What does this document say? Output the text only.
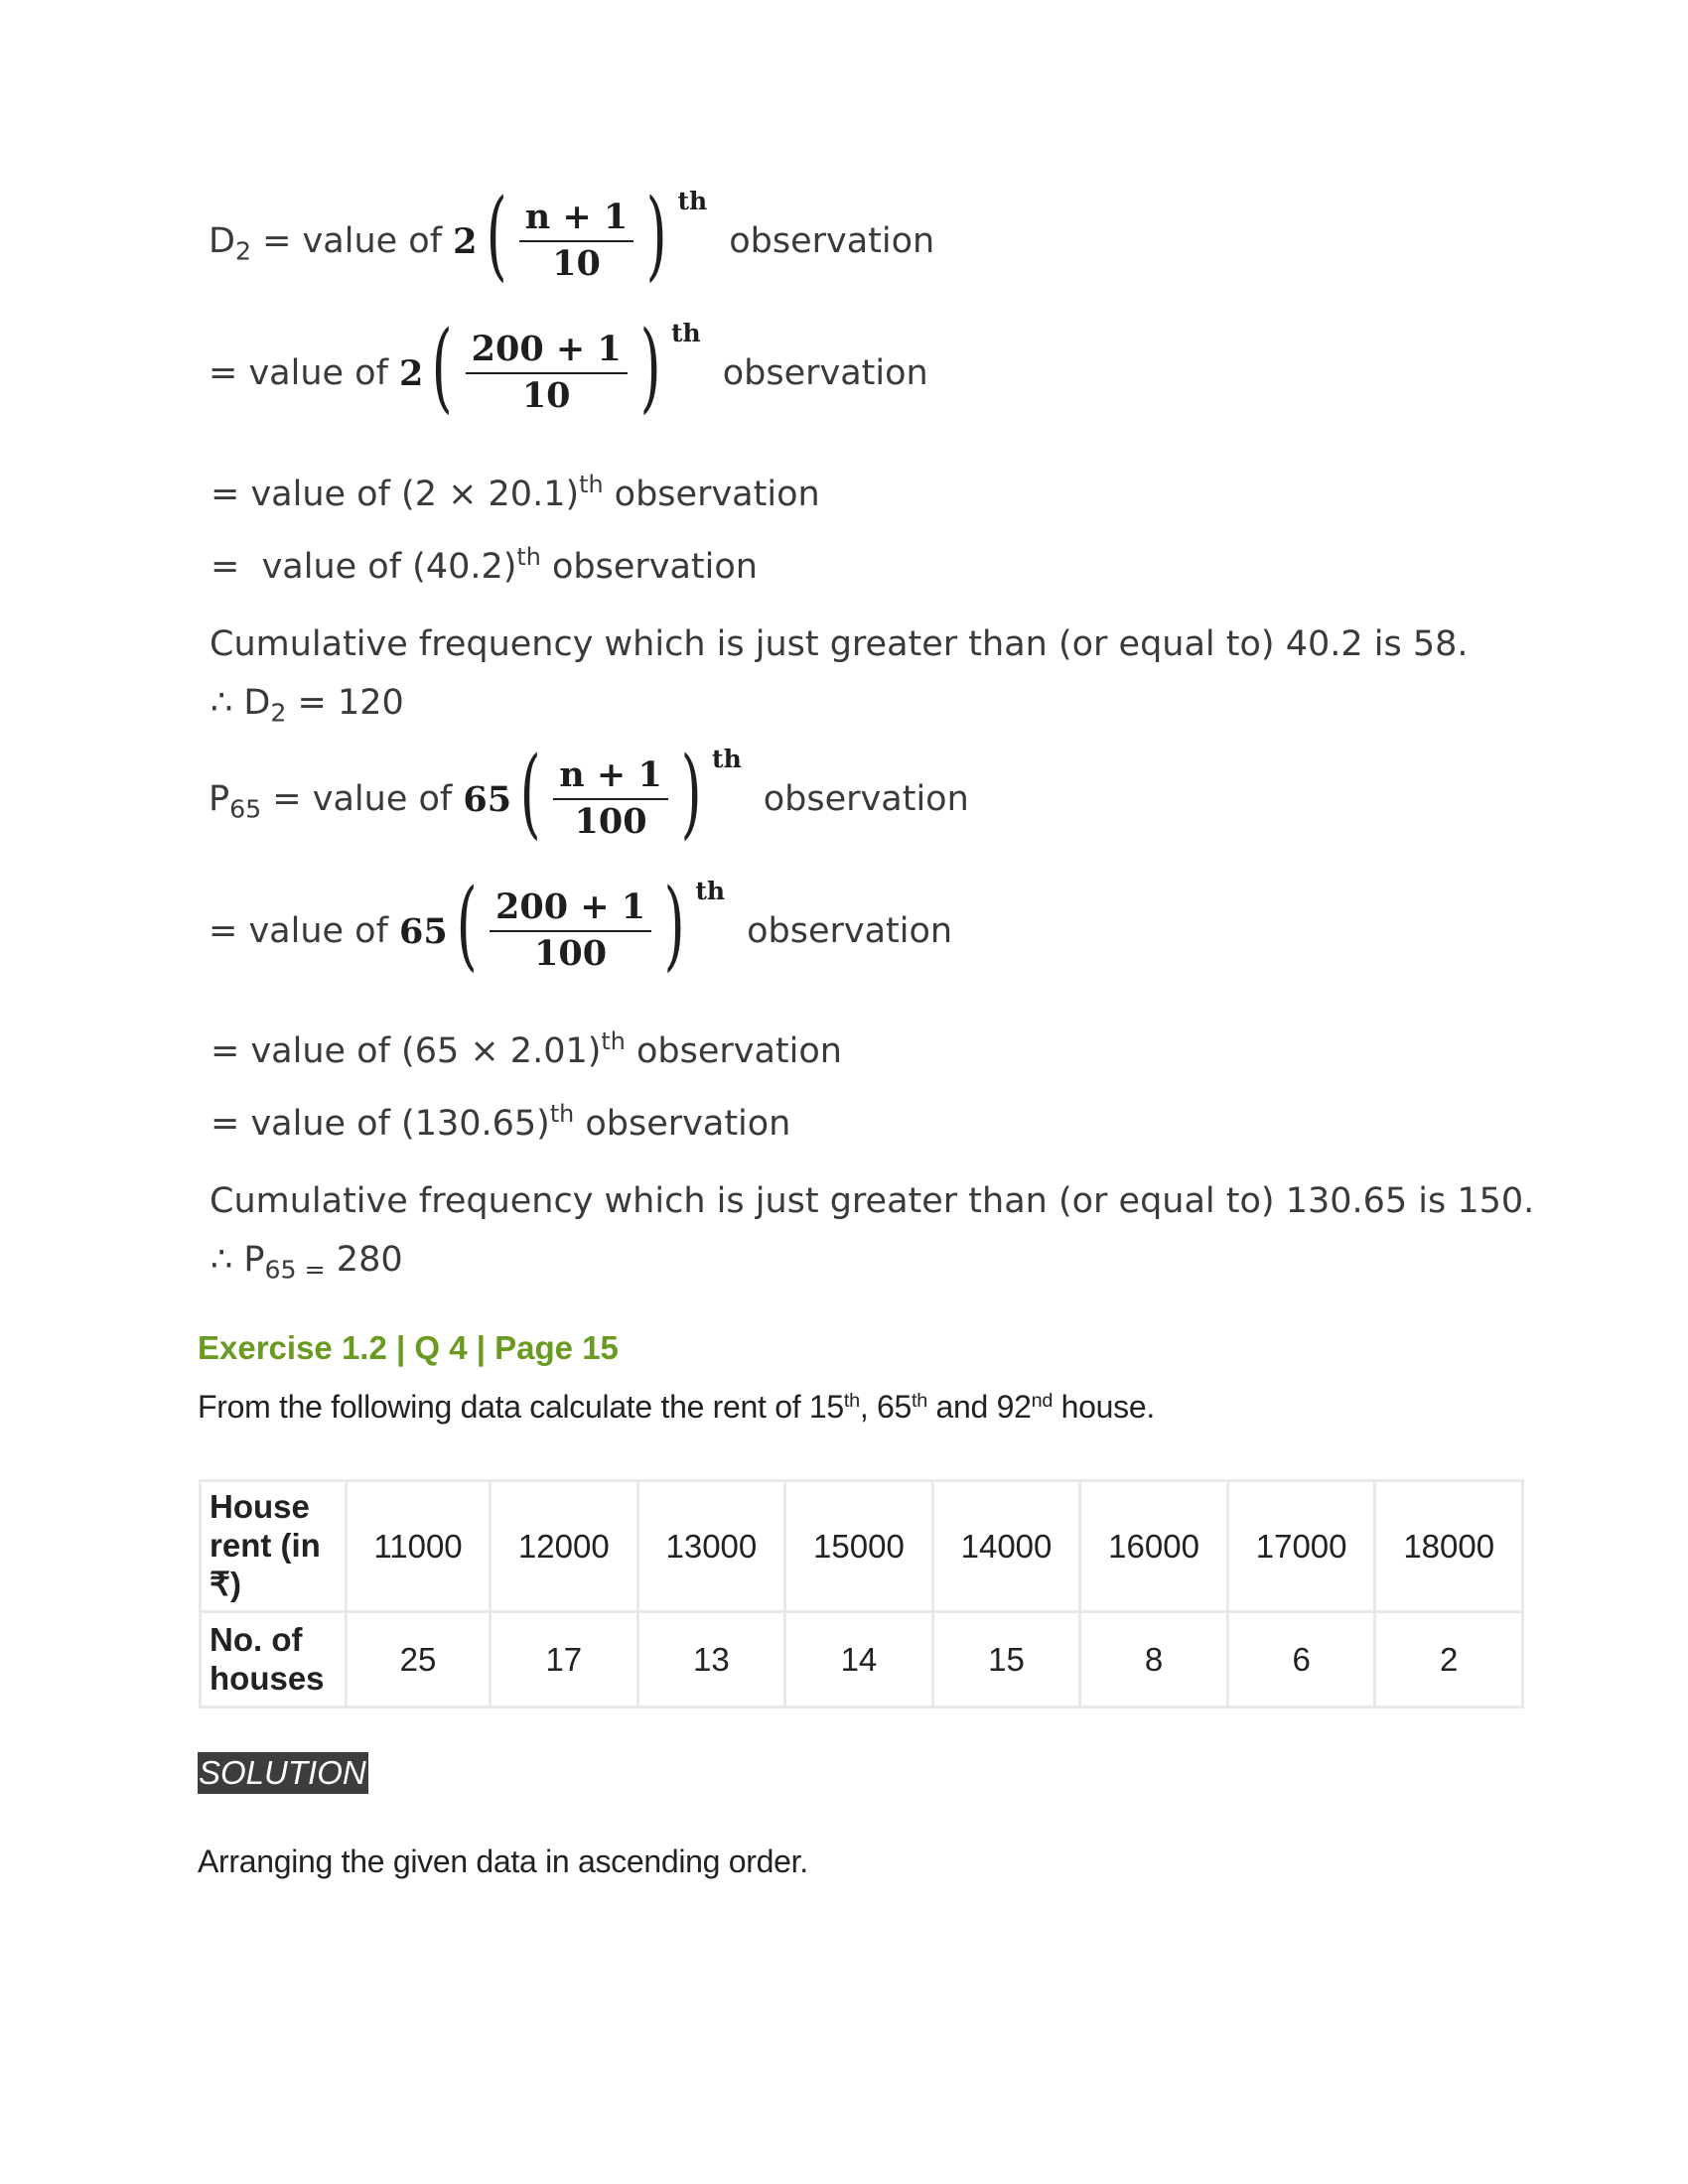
$D_2$ = value of 2 ( $\frac{n + 1}{10}$ ) th
observation
= value of 2 ( $\frac{200 + 1}{10}$ ) th
observation
= value of $(2 \times 20.1)^{th}$ observation
=  value of $(40.2)^{th}$ observation
Cumulative frequency which is just greater than (or equal to) 40.2 is 58.
∴ $D_2 = 120$
$P_{65}$ = value of 65 ( $\frac{n + 1}{100}$ ) th
observation
= value of 65 ( $\frac{200 + 1}{100}$ ) th
observation
= value of $(65 \times 2.01)^{th}$ observation
= value of $(130.65)^{th}$ observation
Cumulative frequency which is just greater than (or equal to) 130.65 is 150.
∴ $P_{65 =}$ 280
Exercise 1.2 | Q 4 | Page 15
From the following data calculate the rent of 15th, 65th and 92nd house.
House
rent (in
₹)	11000	12000	13000	15000	14000	16000	17000	18000
No. of
houses	25	17	13	14	15	8	6	2
SOLUTION
Arranging the given data in ascending order.
